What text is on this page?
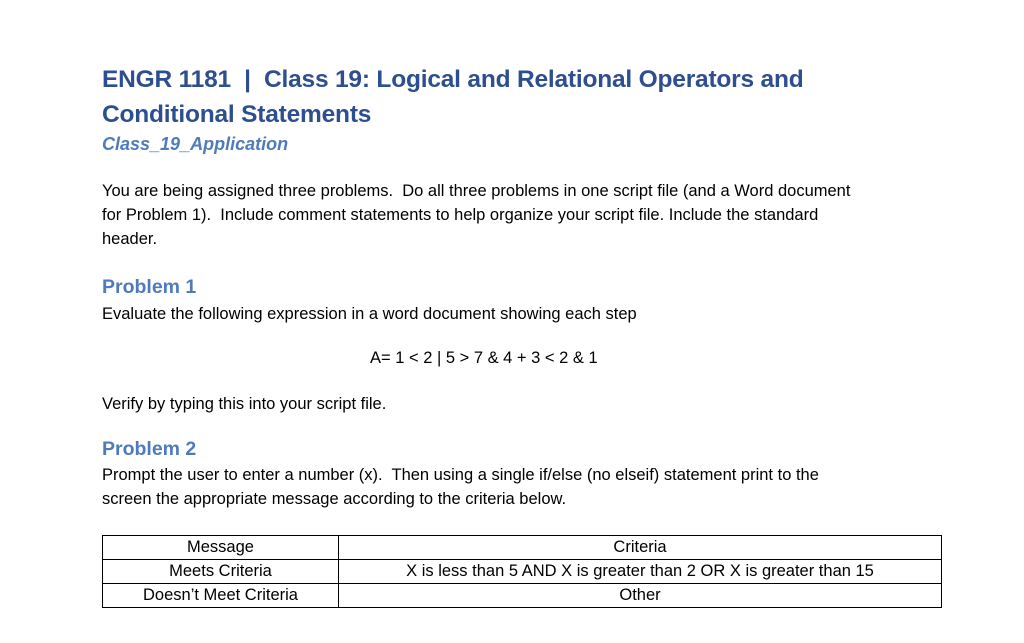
ENGR 1181  |  Class 19: Logical and Relational Operators and

Conditional Statements

Class_19_Application

You are being assigned three problems.  Do all three problems in one script file (and a Word document

for Problem 1).  Include comment statements to help organize your script file. Include the standard

header.

Problem 1

Evaluate the following expression in a word document showing each step

A= 1 < 2 | 5 > 7 & 4 + 3 < 2 & 1

Verify by typing this into your script file.

Problem 2

Prompt the user to enter a number (x).  Then using a single if/else (no elseif) statement print to the

screen the appropriate message according to the criteria below.

Message	Criteria
Meets Criteria	X is less than 5 AND X is greater than 2 OR X is greater than 15
Doesn’t Meet Criteria	Other
